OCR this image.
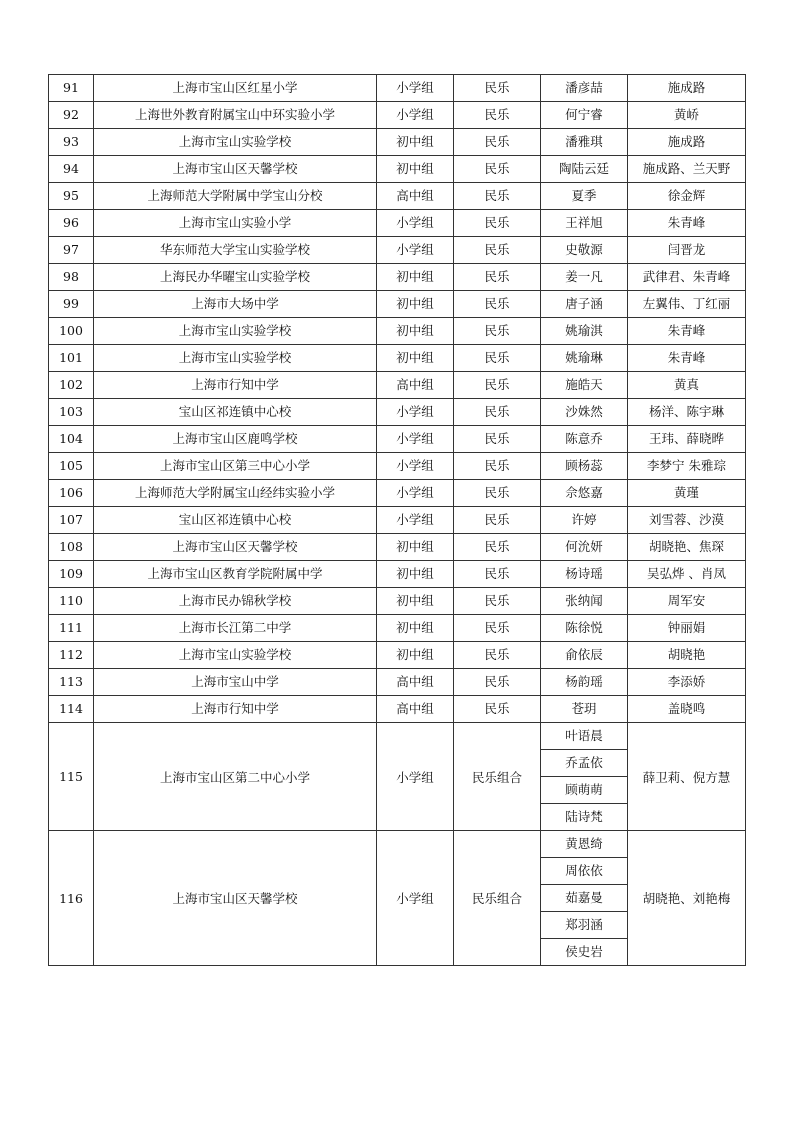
91	上海市宝山区红星小学	小学组	民乐	潘彦喆	施成路
92	上海世外教育附属宝山中环实验小学	小学组	民乐	何宁睿	黄峤
93	上海市宝山实验学校	初中组	民乐	潘雅琪	施成路
94	上海市宝山区天馨学校	初中组	民乐	陶陆云廷	施成路、兰天野
95	上海师范大学附属中学宝山分校	高中组	民乐	夏季	徐金辉
96	上海市宝山实验小学	小学组	民乐	王祥旭	朱青峰
97	华东师范大学宝山实验学校	小学组	民乐	史敬源	闫晋龙
98	上海民办华曜宝山实验学校	初中组	民乐	姜一凡	武律君、朱青峰
99	上海市大场中学	初中组	民乐	唐子涵	左翼伟、丁红丽
100	上海市宝山实验学校	初中组	民乐	姚瑜淇	朱青峰
101	上海市宝山实验学校	初中组	民乐	姚瑜琳	朱青峰
102	上海市行知中学	高中组	民乐	施皓天	黄真
103	宝山区祁连镇中心校	小学组	民乐	沙姝然	杨洋、陈宇琳
104	上海市宝山区鹿鸣学校	小学组	民乐	陈意乔	王玮、薛晓晔
105	上海市宝山区第三中心小学	小学组	民乐	顾杨蕊	李梦宁 朱雅琮
106	上海师范大学附属宝山经纬实验小学	小学组	民乐	佘悠嘉	黄瑾
107	宝山区祁连镇中心校	小学组	民乐	许婷	刘雪蓉、沙漠
108	上海市宝山区天馨学校	初中组	民乐	何沇妍	胡晓艳、焦琛
109	上海市宝山区教育学院附属中学	初中组	民乐	杨诗瑶	吴弘烨 、肖凤
110	上海市民办锦秋学校	初中组	民乐	张纳闻	周军安
111	上海市长江第二中学	初中组	民乐	陈徐悦	钟丽娟
112	上海市宝山实验学校	初中组	民乐	俞依辰	胡晓艳
113	上海市宝山中学	高中组	民乐	杨韵瑶	李添娇
114	上海市行知中学	高中组	民乐	苍玥	盖晓鸣
115	上海市宝山区第二中心小学	小学组	民乐组合	叶语晨	薛卫莉、倪方慧
				乔孟依	
				顾萌萌	
				陆诗梵	
116	上海市宝山区天馨学校	小学组	民乐组合	黄恩绮	胡晓艳、刘艳梅
				周依依	
				茹嘉曼	
				郑羽涵	
				侯史岩	
